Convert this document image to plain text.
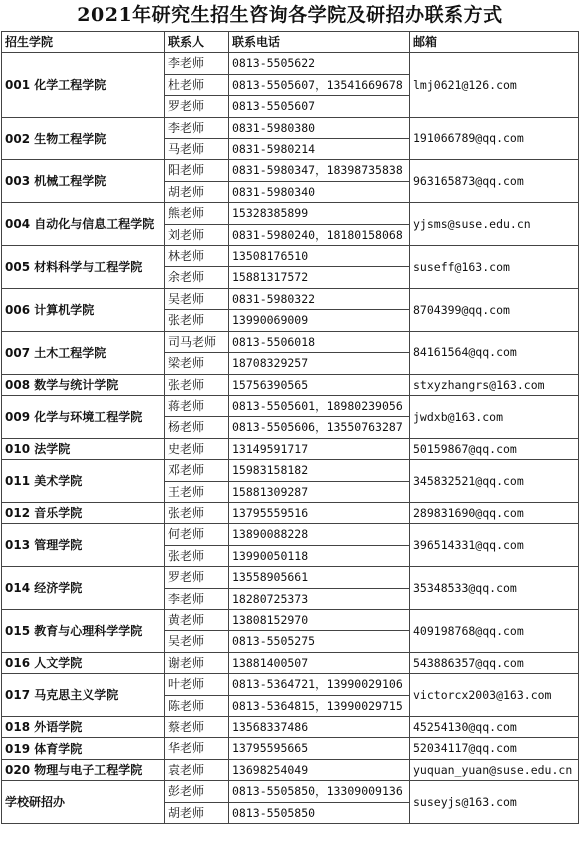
2021年研究生招生咨询各学院及研招办联系方式
招生学院	联系人	联系电话	邮箱
001 化学工程学院	李老师	0813-5505622	lmj0621@126.com
	杜老师	0813-5505607，13541669678	
	罗老师	0813-5505607	
002 生物工程学院	李老师	0831-5980380	191066789@qq.com
	马老师	0831-5980214	
003 机械工程学院	阳老师	0831-5980347，18398735838	963165873@qq.com
	胡老师	0831-5980340	
004 自动化与信息工程学院	熊老师	15328385899	yjsms@suse.edu.cn
	刘老师	0831-5980240，18180158068	
005 材料科学与工程学院	林老师	13508176510	suseff@163.com
	余老师	15881317572	
006 计算机学院	吴老师	0831-5980322	8704399@qq.com
	张老师	13990069009	
007 土木工程学院	司马老师	0813-5506018	84161564@qq.com
	梁老师	18708329257	
008 数学与统计学院	张老师	15756390565	stxyzhangrs@163.com
009 化学与环境工程学院	蒋老师	0813-5505601，18980239056	jwdxb@163.com
	杨老师	0813-5505606，13550763287	
010 法学院	史老师	13149591717	50159867@qq.com
011 美术学院	邓老师	15983158182	345832521@qq.com
	王老师	15881309287	
012 音乐学院	张老师	13795559516	289831690@qq.com
013 管理学院	何老师	13890088228	396514331@qq.com
	张老师	13990050118	
014 经济学院	罗老师	13558905661	35348533@qq.com
	李老师	18280725373	
015 教育与心理科学学院	黄老师	13808152970	409198768@qq.com
	吴老师	0813-5505275	
016 人文学院	谢老师	13881400507	543886357@qq.com
017 马克思主义学院	叶老师	0813-5364721，13990029106	victorcx2003@163.com
	陈老师	0813-5364815，13990029715	
018 外语学院	蔡老师	13568337486	45254130@qq.com
019 体育学院	华老师	13795595665	52034117@qq.com
020 物理与电子工程学院	袁老师	13698254049	yuquan_yuan@suse.edu.cn
学校研招办	彭老师	0813-5505850，13309009136	suseyjs@163.com
	胡老师	0813-5505850	
